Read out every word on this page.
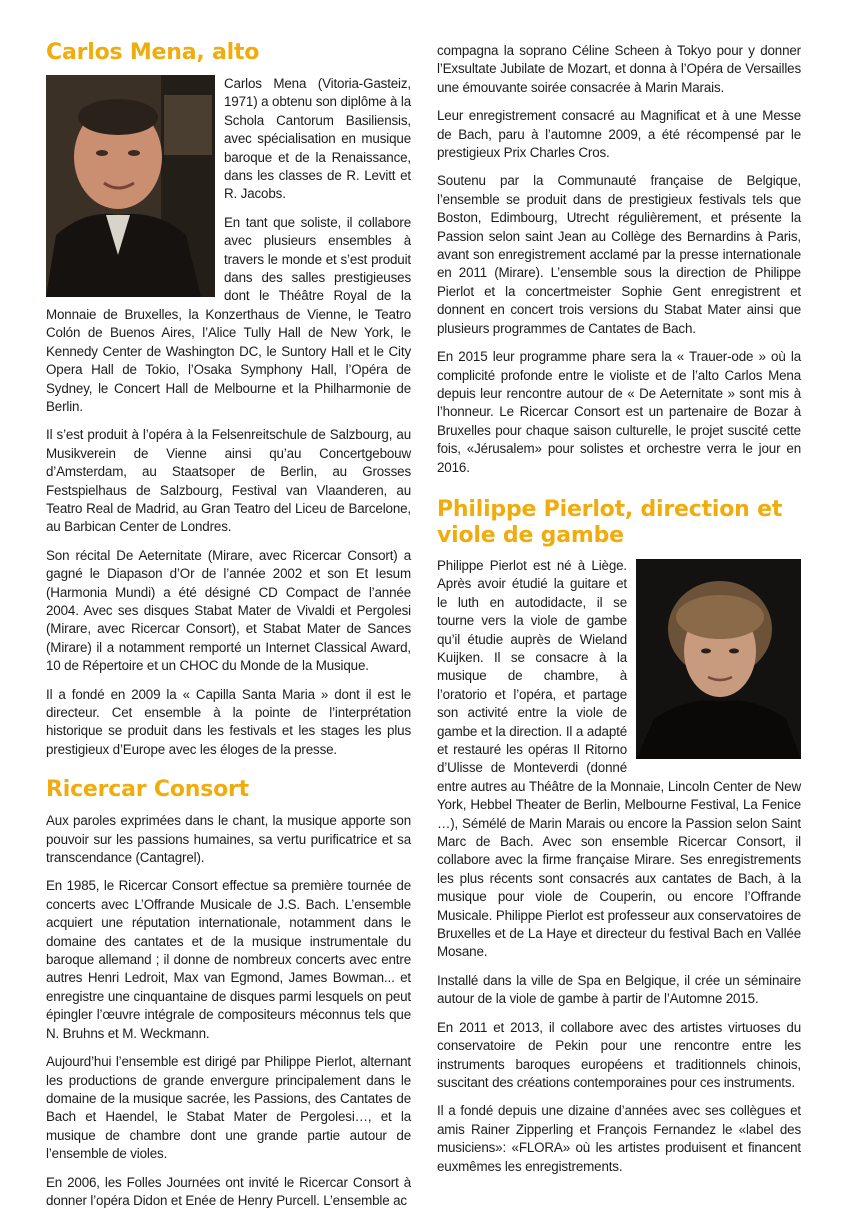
Carlos Mena, alto

Carlos Mena (Vitoria-Gasteiz, 1971) a obtenu son diplôme à la Schola Cantorum Basiliensis, avec spécialisation en musique baroque et de la Renaissance, dans les classes de R. Levitt et R. Jacobs.

En tant que soliste, il collabore avec plusieurs ensembles à travers le monde et s’est produit dans des salles prestigieuses dont le Théâtre Royal de la Monnaie de Bruxelles, la Konzerthaus de Vienne, le Teatro Colón de Buenos Aires, l’Alice Tully Hall de New York, le Kennedy Center de Washington DC, le Suntory Hall et le City Opera Hall de Tokio, l’Osaka Symphony Hall, l’Opéra de Sydney, le Concert Hall de Melbourne et la Philharmonie de Berlin.

Il s’est produit à l’opéra à la Felsenreitschule de Salzbourg, au Musikverein de Vienne ainsi qu’au Concertgebouw d’Amsterdam, au Staatsoper de Berlin, au Grosses Festspielhaus de Salzbourg, Festival van Vlaanderen, au Teatro Real de Madrid, au Gran Teatro del Liceu de Barcelone, au Barbican Center de Londres.

Son récital De Aeternitate (Mirare, avec Ricercar Consort) a gagné le Diapason d’Or de l’année 2002 et son Et Iesum (Harmonia Mundi) a été désigné CD Compact de l’année 2004. Avec ses disques Stabat Mater de Vivaldi et Pergolesi (Mirare, avec Ricercar Consort), et Stabat Mater de Sances (Mirare) il a notamment remporté un Internet Classical Award, 10 de Répertoire et un CHOC du Monde de la Musique.

Il a fondé en 2009 la « Capilla Santa Maria » dont il est le directeur. Cet ensemble à la pointe de l’interprétation historique se produit dans les festivals et les stages les plus prestigieux d’Europe avec les éloges de la presse.

Ricercar Consort

Aux paroles exprimées dans le chant, la musique apporte son pouvoir sur les passions humaines, sa vertu purificatrice et sa transcendance (Cantagrel).

En 1985, le Ricercar Consort effectue sa première tournée de concerts avec L’Offrande Musicale de J.S. Bach. L’ensemble acquiert une réputation internationale, notamment dans le domaine des cantates et de la musique instrumentale du baroque allemand ; il donne de nombreux concerts avec entre autres Henri Ledroit, Max van Egmond, James Bowman... et enregistre une cinquantaine de disques parmi lesquels on peut épingler l’œuvre intégrale de compositeurs méconnus tels que N. Bruhns et M. Weckmann.

Aujourd’hui l’ensemble est dirigé par Philippe Pierlot, alternant les productions de grande envergure principalement dans le domaine de la musique sacrée, les Passions, des Cantates de Bach et Haendel, le Stabat Mater de Pergolesi…, et la musique de chambre dont une grande partie autour de l’ensemble de violes.

En 2006, les Folles Journées ont invité le Ricercar Consort à donner l’opéra Didon et Enée de Henry Purcell. L’ensemble ac

compagna la soprano Céline Scheen à Tokyo pour y donner l’Exsultate Jubilate de Mozart, et donna à l’Opéra de Versailles une émouvante soirée consacrée à Marin Marais.

Leur enregistrement consacré au Magnificat et à une Messe de Bach, paru à l’automne 2009, a été récompensé par le prestigieux Prix Charles Cros.

Soutenu par la Communauté française de Belgique, l’ensemble se produit dans de prestigieux festivals tels que Boston, Edimbourg, Utrecht régulièrement, et présente la Passion selon saint Jean au Collège des Bernardins à Paris, avant son enregistrement acclamé par la presse internationale en 2011 (Mirare). L’ensemble sous la direction de Philippe Pierlot et la concertmeister Sophie Gent enregistrent et donnent en concert trois versions du Stabat Mater ainsi que plusieurs programmes de Cantates de Bach.

En 2015 leur programme phare sera la « Trauer-ode » où la complicité profonde entre le violiste et de l’alto Carlos Mena depuis leur rencontre autour de « De Aeternitate » sont mis à l’honneur. Le Ricercar Consort est un partenaire de Bozar à Bruxelles pour chaque saison culturelle, le projet suscité cette fois, «Jérusalem» pour solistes et orchestre verra le jour en 2016.

Philippe Pierlot, direction et viole de gambe

Philippe Pierlot est né à Liège. Après avoir étudié la guitare et le luth en autodidacte, il se tourne vers la viole de gambe qu’il étudie auprès de Wieland Kuijken. Il se consacre à la musique de chambre, à l’oratorio et l’opéra, et partage son activité entre la viole de gambe et la direction. Il a adapté et restauré les opéras Il Ritorno d’Ulisse de Monteverdi (donné entre autres au Théâtre de la Monnaie, Lincoln Center de New York, Hebbel Theater de Berlin, Melbourne Festival, La Fenice …), Sémélé de Marin Marais ou encore la Passion selon Saint Marc de Bach. Avec son ensemble Ricercar Consort, il collabore avec la firme française Mirare. Ses enregistrements les plus récents sont consacrés aux cantates de Bach, à la musique pour viole de Couperin, ou encore l’Offrande Musicale. Philippe Pierlot est professeur aux conservatoires de Bruxelles et de La Haye et directeur du festival Bach en Vallée Mosane.

Installé dans la ville de Spa en Belgique, il crée un séminaire autour de la viole de gambe à partir de l’Automne 2015.

En 2011 et 2013, il collabore avec des artistes virtuoses du conservatoire de Pekin pour une rencontre entre les instruments baroques européens et traditionnels chinois, suscitant des créations contemporaines pour ces instruments.

Il a fondé depuis une dizaine d’années avec ses collègues et amis Rainer Zipperling et François Fernandez le «label des musiciens»: «FLORA» où les artistes produisent et financent euxmêmes les enregistrements.
